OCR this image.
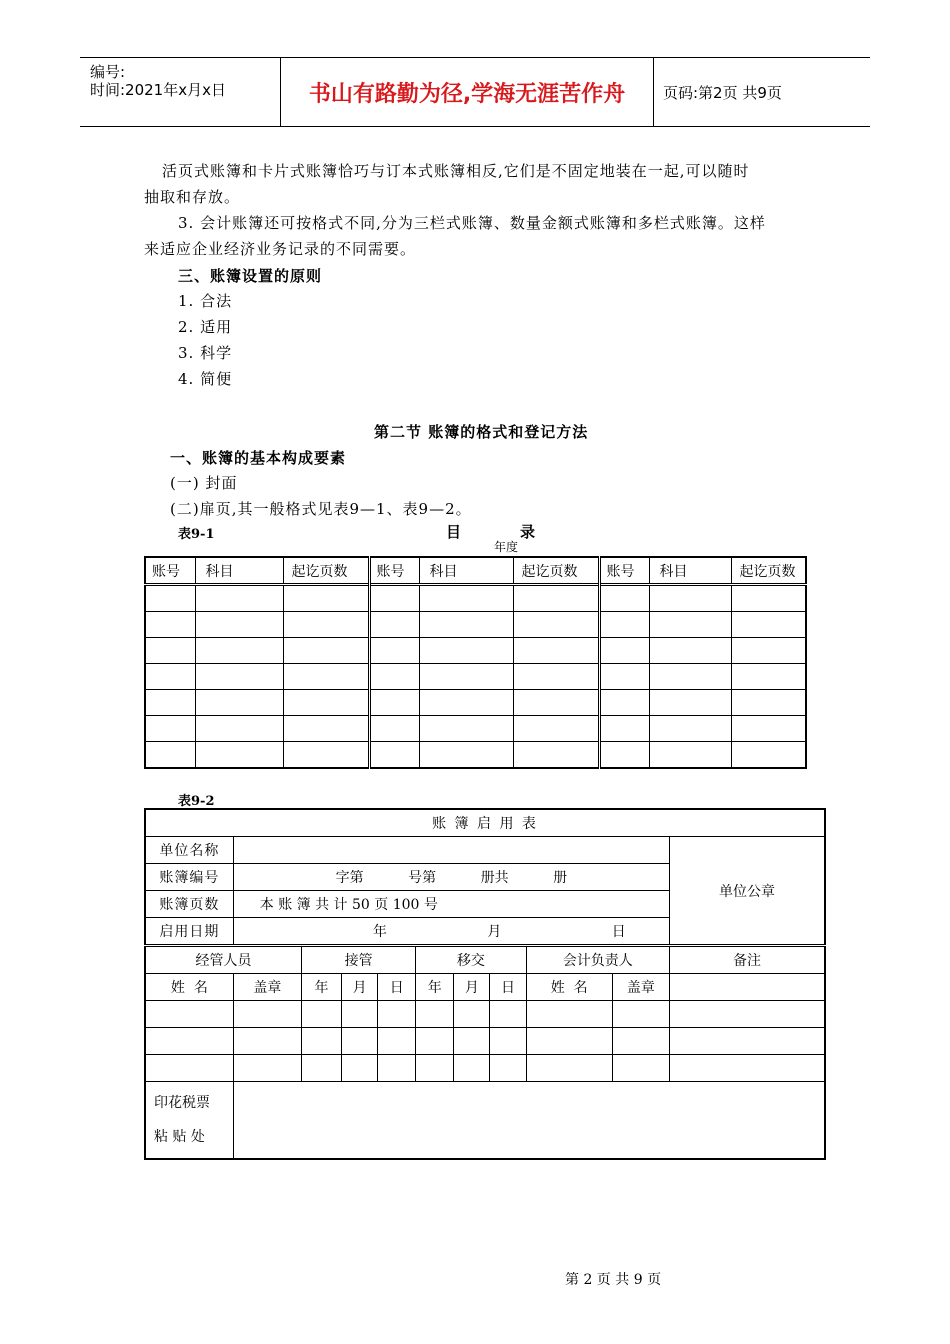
编号:
时间:2021年x月x日	书山有路勤为径,学海无涯苦作舟	页码:第2页 共9页
活页式账簿和卡片式账簿恰巧与订本式账簿相反,它们是不固定地装在一起,可以随时
抽取和存放。
3. 会计账簿还可按格式不同,分为三栏式账簿、数量金额式账簿和多栏式账簿。这样
来适应企业经济业务记录的不同需要。
三、账簿设置的原则
1. 合法
2. 适用
3. 科学
4. 简便
第二节 账簿的格式和登记方法
一、账簿的基本构成要素
(一) 封面
(二)扉页,其一般格式见表9—1、表9—2。
表9-1	目	录
年度
账号	科目	起讫页数	账号	科目	起讫页数	账号	科目	起讫页数

表9-2
账 簿 启 用 表										
单位名称										单位公章
账簿编号	字第          号第          册共          册									
账簿页数	本 账 簿 共 计 50 页 100 号									
启用日期	年 月 日									
经管人员		接管			移交			会计负责人		备注
姓  名	盖章	年	月	日	年	月	日	姓  名	盖章	

印花税票
粘 贴 处										

第 2 页 共 9 页
